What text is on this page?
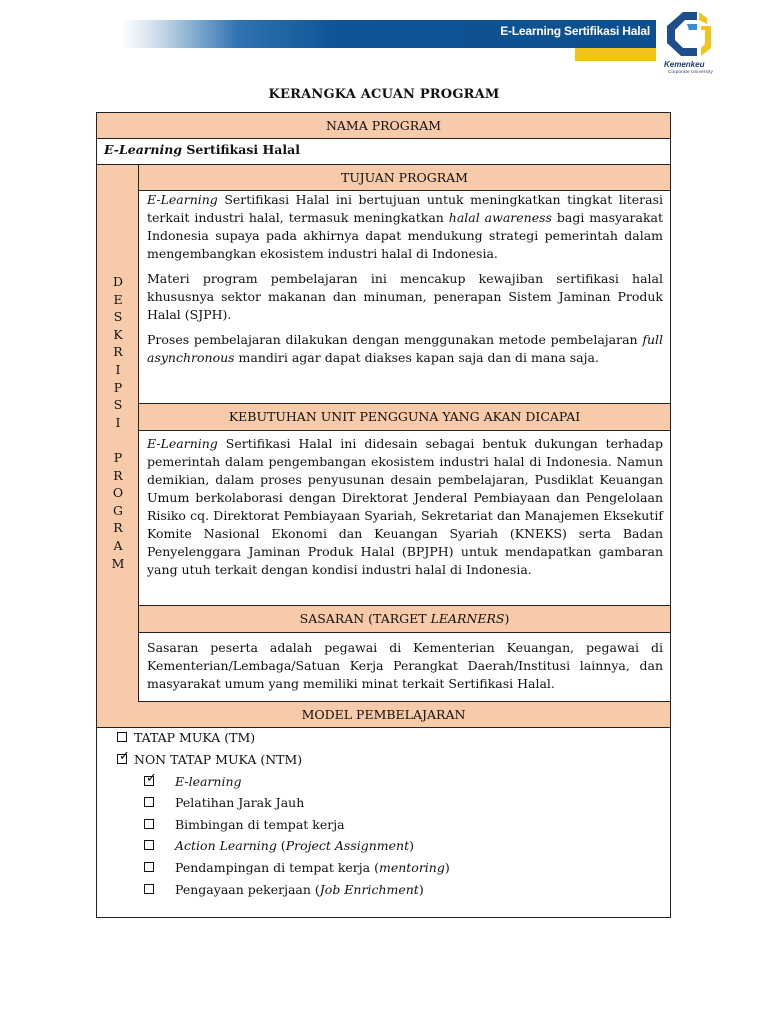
E-Learning Sertifikasi Halal
Kemenkeu
Corporate University
KERANGKA ACUAN PROGRAM
NAMA PROGRAM
E-Learning Sertifikasi Halal
D
E
S
K
R
I
P
S
I

P
R
O
G
R
A
M
TUJUAN PROGRAM

E-Learning Sertifikasi Halal ini bertujuan untuk meningkatkan tingkat literasi terkait industri halal, termasuk meningkatkan halal awareness bagi masyarakat Indonesia supaya pada akhirnya dapat mendukung strategi pemerintah dalam mengembangkan ekosistem industri halal di Indonesia.

Materi program pembelajaran ini mencakup kewajiban sertifikasi halal khususnya sektor makanan dan minuman, penerapan Sistem Jaminan Produk Halal (SJPH).

Proses pembelajaran dilakukan dengan menggunakan metode pembelajaran full asynchronous mandiri agar dapat diakses kapan saja dan di mana saja.

KEBUTUHAN UNIT PENGGUNA YANG AKAN DICAPAI

E-Learning Sertifikasi Halal ini didesain sebagai bentuk dukungan terhadap pemerintah dalam pengembangan ekosistem industri halal di Indonesia. Namun demikian, dalam proses penyusunan desain pembelajaran, Pusdiklat Keuangan Umum berkolaborasi dengan Direktorat Jenderal Pembiayaan dan Pengelolaan Risiko cq. Direktorat Pembiayaan Syariah, Sekretariat dan Manajemen Eksekutif Komite Nasional Ekonomi dan Keuangan Syariah (KNEKS) serta Badan Penyelenggara Jaminan Produk Halal (BPJPH) untuk mendapatkan gambaran yang utuh terkait dengan kondisi industri halal di Indonesia.

SASARAN (TARGET LEARNERS)

Sasaran peserta adalah pegawai di Kementerian Keuangan, pegawai di Kementerian/Lembaga/Satuan Kerja Perangkat Daerah/Institusi lainnya, dan masyarakat umum yang memiliki minat terkait Sertifikasi Halal.

MODEL PEMBELAJARAN
TATAP MUKA (TM)
✓ NON TATAP MUKA (NTM)
✓ E-learning
Pelatihan Jarak Jauh
Bimbingan di tempat kerja
Action Learning (Project Assignment)
Pendampingan di tempat kerja (mentoring)
Pengayaan pekerjaan (Job Enrichment)
